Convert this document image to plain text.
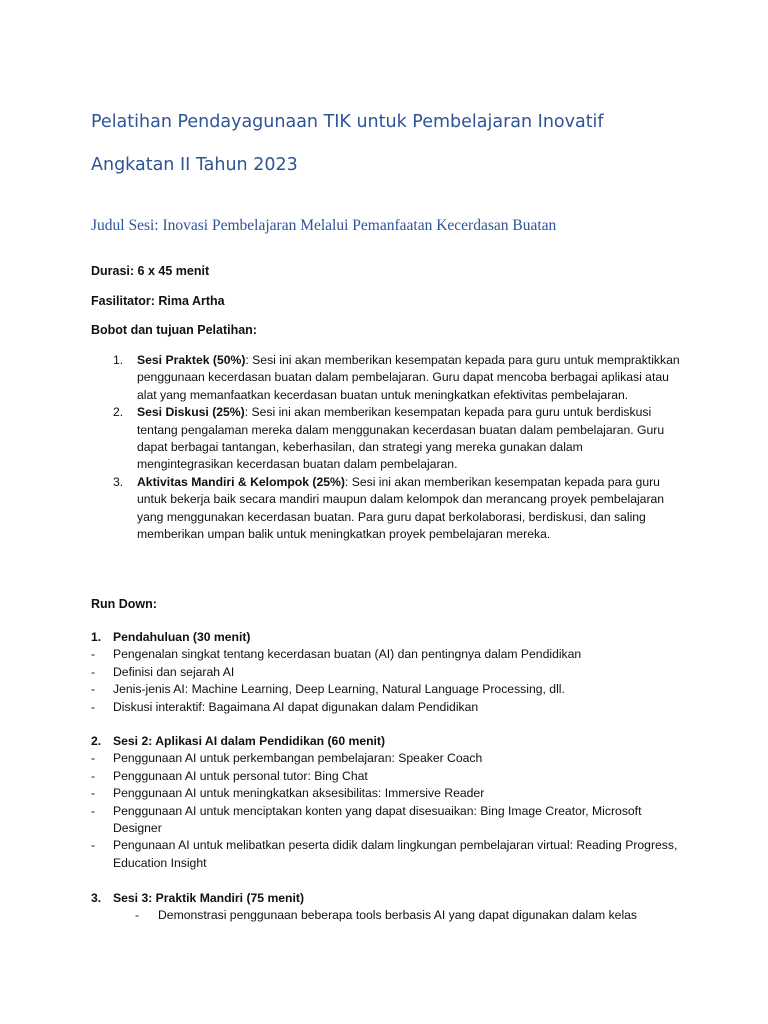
Pelatihan Pendayagunaan TIK untuk Pembelajaran Inovatif
Angkatan II Tahun 2023
Judul Sesi: Inovasi Pembelajaran Melalui Pemanfaatan Kecerdasan Buatan
Durasi: 6 x 45 menit
Fasilitator: Rima Artha
Bobot dan tujuan Pelatihan:
1. Sesi Praktek (50%): Sesi ini akan memberikan kesempatan kepada para guru untuk mempraktikkan penggunaan kecerdasan buatan dalam pembelajaran. Guru dapat mencoba berbagai aplikasi atau alat yang memanfaatkan kecerdasan buatan untuk meningkatkan efektivitas pembelajaran.
2. Sesi Diskusi (25%): Sesi ini akan memberikan kesempatan kepada para guru untuk berdiskusi tentang pengalaman mereka dalam menggunakan kecerdasan buatan dalam pembelajaran. Guru dapat berbagai tantangan, keberhasilan, dan strategi yang mereka gunakan dalam mengintegrasikan kecerdasan buatan dalam pembelajaran.
3. Aktivitas Mandiri & Kelompok (25%): Sesi ini akan memberikan kesempatan kepada para guru untuk bekerja baik secara mandiri maupun dalam kelompok dan merancang proyek pembelajaran yang menggunakan kecerdasan buatan. Para guru dapat berkolaborasi, berdiskusi, dan saling memberikan umpan balik untuk meningkatkan proyek pembelajaran mereka.
Run Down:
1. Pendahuluan (30 menit)
- Pengenalan singkat tentang kecerdasan buatan (AI) dan pentingnya dalam Pendidikan
- Definisi dan sejarah AI
- Jenis-jenis AI: Machine Learning, Deep Learning, Natural Language Processing, dll.
- Diskusi interaktif: Bagaimana AI dapat digunakan dalam Pendidikan
2. Sesi 2: Aplikasi AI dalam Pendidikan (60 menit)
- Penggunaan AI untuk perkembangan pembelajaran: Speaker Coach
- Penggunaan AI untuk personal tutor: Bing Chat
- Penggunaan AI untuk meningkatkan aksesibilitas: Immersive Reader
- Penggunaan AI untuk menciptakan konten yang dapat disesuaikan: Bing Image Creator, Microsoft Designer
- Pengunaan AI untuk melibatkan peserta didik dalam lingkungan pembelajaran virtual: Reading Progress, Education Insight
3. Sesi 3: Praktik Mandiri (75 menit)
- Demonstrasi penggunaan beberapa tools berbasis AI yang dapat digunakan dalam kelas
